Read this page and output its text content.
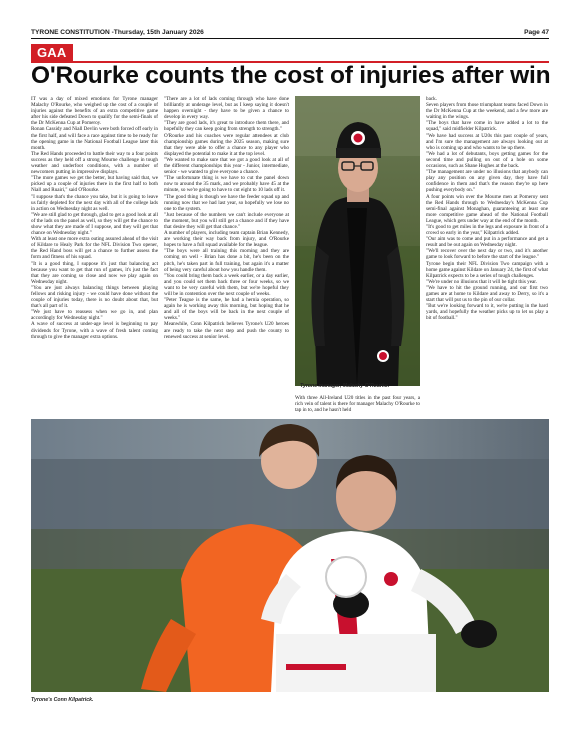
TYRONE CONSTITUTION -Thursday, 15th January 2026	Page 47
GAA
O'Rourke counts the cost of injuries after win

IT was a day of mixed emotions for Tyrone manager Malachy O'Rourke, who weighed up the cost of a couple of injuries against the benefits of an extra competitive game after his side defeated Down to qualify for the semi-finals of the Dr McKenna Cup at Pomeroy.

Ronan Cassidy and Niall Devlin were both forced off early in the first half, and will face a race against time to be ready for the opening game in the National Football League later this month.

The Red Hands proceeded to battle their way to a four points success as they held off a strong Mourne challenge in tough weather and underfoot conditions, with a number of newcomers putting in impressive displays.

"The more games we get the better, but having said that, we picked up a couple of injuries there in the first half to both Niall and Ruairi," said O'Rourke.

"I suppose that's the chance you take, but it is going to leave us fairly depleted for the next day with all of the college lads in action on Wednesday night as well.

"We are still glad to get through, glad to get a good look at all of the lads on the panel as well, so they will get the chance to show what they are made of I suppose, and they will get that chance on Wednesday night."

With at least one more extra outing assured ahead of the visit of Kildare to Healy Park for the NFL Division Two opener, the Red Hand boss will get a chance to further assess the form and fitness of his squad.

"It is a good thing, I suppose it's just that balancing act because you want to get that run of games, it's just the fact that they are coming so close and now we play again on Wednesday night.

"You are just always balancing things between playing fellows and risking injury - we could have done without the couple of injuries today, there is no doubt about that, but that's all part of it.

"We just have to reassess when we go in, and plan accordingly for Wednesday night."

A wave of success at under-age level is beginning to pay dividends for Tyrone, with a wave of fresh talent coming through to give the manager extra options.

"There are a lot of lads coming through who have done brilliantly at underage level, but as I keep saying it doesn't happen overnight - they have to be given a chance to develop in every way.

"They are good lads, it's great to introduce them there, and hopefully they can keep going from strength to strength."

O'Rourke and his coaches were regular attendees at club championship games during the 2025 season, making sure that they were able to offer a chance to any player who displayed the potential to make it at the top level.

"We wanted to make sure that we got a good look at all of the different championships this year - Junior, intermediate, senior - we wanted to give everyone a chance.

"The unfortunate thing is we have to cut the panel down now to around the 35 mark, and we probably have 45 at the minute, so we're going to have to cut eight to 10 lads off it.

"The good thing is though we have the feeder squad up and running now that we had last year, so hopefully we lose no one to the system.

"Just because of the numbers we can't include everyone at the moment, but you will still get a chance and if they have that desire they will get that chance."

A number of players, including team captain Brian Kennedy, are working their way back from injury, and O'Rourke hopes to have a full squad available for the league.

"The boys were all training this morning and they are coming on well - Brian has done a bit, he's been on the pitch, he's taken part in full training, but again it's a matter of being very careful about how you handle them.

"You could bring them back a week earlier, or a day earlier, and you could set them back three or four weeks, so we want to be very careful with them, but we're hopeful they will be in contention over the next couple of weeks.

"Peter Teague is the same, he had a hernia operation, so again he is working away this morning, but hoping that he and all of the boys will be back in the next couple of weeks."

Meanwhile, Conn Kilpatrick believes Tyrone's U20 heroes are ready to take the next step and push the county to renewed success at senior level.

back.

Seven players from those triumphant teams faced Down in the Dr McKenna Cup at the weekend, and a few more are waiting in the wings.

"The boys that have come in have added a lot to the squad," said midfielder Kilpatrick.

"We have had success at U20s this past couple of years, and I'm sure the management are always looking out at who is coming up and who wants to be up there.

"We had a lot of debutants, boys getting games for the second time and pulling on out of a hole on some occasions, such as Shane Hughes at the back.

"The management are under no illusions that anybody can play any position on any given day, they have full confidence in them and that's the reason they're up here pushing everybody on."

A four points win over the Mourne men at Pomeroy sent the Red Hands through to Wednesday's McKenna Cup semi-final against Monaghan, guaranteeing at least one more competitive game ahead of the National Football League, which gets under way at the end of the month.

"It's good to get miles in the legs and exposure in front of a crowd so early in the year," Kilpatrick added.

"Our aim was to come and put in a performance and get a result and be out again on Wednesday night.

"We'll recover over the next day or two, and it's another game to look forward to before the start of the league."

Tyrone begin their NFL Division Two campaign with a home game against Kildare on January 24, the first of what Kilpatrick expects to be a series of tough challenges.

"We're under no illusions that it will be tight this year.

"We have to hit the ground running, and our first two games are at home to Kildare and away to Derry, so it's a start that will put us to the pin of our collar.

"But we're looking forward to it, we're putting in the hard yards, and hopefully the weather picks up to let us play a bit of football."

With three All-Ireland U20 titles in the past four years, a rich vein of talent is there for manager Malachy O'Rourke to tap in to, and he hasn't held

Tyrone manager, Malachy O'Rourke.
Tyrone's Conn Kilpatrick.
